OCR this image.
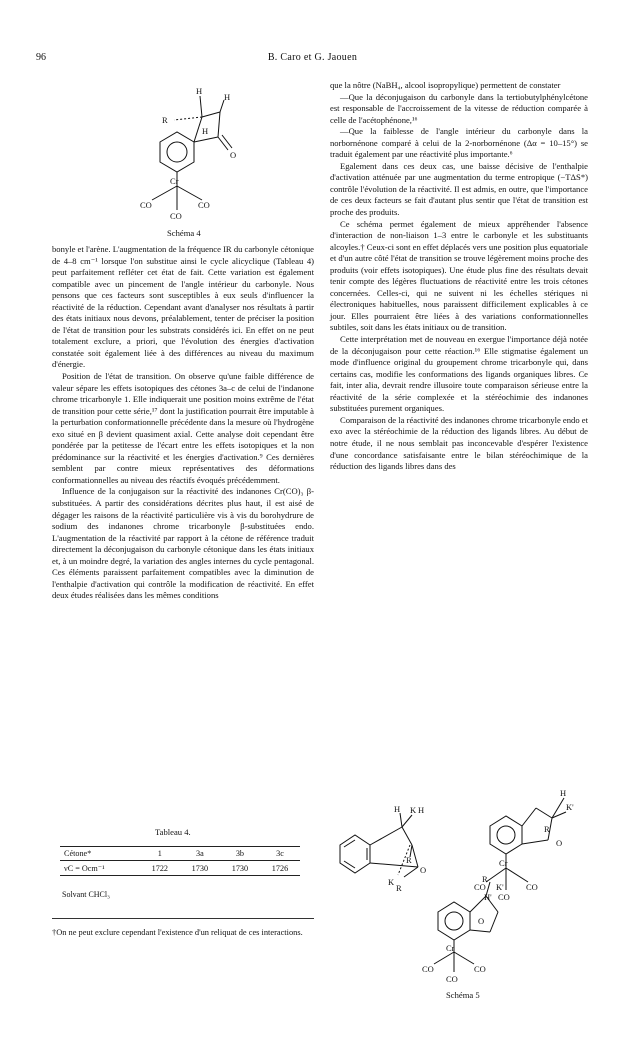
96	B. Caro et G. Jaouen
H
H
R
H
O
Cr
CO	CO
CO
Schéma 4

bonyle et l'arène. L'augmentation de la fréquence IR du carbonyle cétonique de 4–8 cm⁻¹ lorsque l'on substitue ainsi le cycle alicyclique (Tableau 4) peut parfaitement refléter cet état de fait. Cette variation est également compatible avec un pincement de l'angle intérieur du carbonyle. Nous pensons que ces facteurs sont susceptibles à eux seuls d'influencer la réactivité de la réduction. Cependant avant d'analyser nos résultats à partir des états initiaux nous devons, préalablement, tenter de préciser la position de l'état de transition pour les substrats considérés ici. En effet on ne peut totalement exclure, a priori, que l'évolution des énergies d'activation constatée soit également liée à des différences au niveau du maximum d'énergie.

Position de l'état de transition. On observe qu'une faible différence de valeur sépare les effets isotopiques des cétones 3a–c de celui de l'indanone chrome tricarbonyle 1. Elle indiquerait une position moins extrême de l'état de transition pour cette série,¹⁷ dont la justification pourrait être imputable à la perturbation conformationnelle précédente dans la mesure où l'hydrogène exo situé en β devient quasiment axial. Cette analyse doit cependant être pondérée par la petitesse de l'écart entre les effets isotopiques et la non prédominance sur la réactivité et les énergies d'activation.⁹ Ces dernières semblent par contre mieux représentatives des déformations conformationnelles au niveau des réactifs évoqués précédemment.

Influence de la conjugaison sur la réactivité des indanones Cr(CO)₃ β-substituées. A partir des considérations décrites plus haut, il est aisé de dégager les raisons de la réactivité particulière vis à vis du borohydrure de sodium des indanones chrome tricarbonyle β-substituées endo. L'augmentation de la réactivité par rapport à la cétone de référence traduit directement la déconjugaison du carbonyle cétonique dans les états initiaux et, à un moindre degré, la variation des angles internes du cycle pentagonal. Ces éléments paraissent parfaitement compatibles avec la diminution de l'enthalpie d'activation qui contrôle la modification de réactivité. En effet deux études réalisées dans les mêmes conditions

Tableau 4.
Cétone*	1	3a	3b	3c
νC = Ocm⁻¹	1722	1730	1730	1726
Solvant CHCl₃
†On ne peut exclure cependant l'existence d'un reliquat de ces interactions.

que la nôtre (NaBH₄, alcool isopropylique) permettent de constater

—Que la déconjugaison du carbonyle dans la tertiobutylphénylcétone est responsable de l'accroissement de la vitesse de réduction comparée à celle de l'acétophénone,¹⁶

—Que la faiblesse de l'angle intérieur du carbonyle dans la norbornénone comparé à celui de la 2-norbornénone (Δα = 10–15°) se traduit également par une réactivité plus importante.⁶

Egalement dans ces deux cas, une baisse décisive de l'enthalpie d'activation atténuée par une augmentation du terme entropique (−TΔS*) contrôle l'évolution de la réactivité. Il est admis, en outre, que l'importance de ces deux facteurs se fait d'autant plus sentir que l'état de transition est proche des produits.

Ce schéma permet également de mieux appréhender l'absence d'interaction de non-liaison 1–3 entre le carbonyle et les substituants alcoyles.† Ceux-ci sont en effet déplacés vers une position plus equatoriale et d'un autre côté l'état de transition se trouve légèrement moins proche des produits (voir effets isotopiques). Une étude plus fine des résultats devait tenir compte des légères fluctuations de réactivité entre les trois cétones concernées. Celles-ci, qui ne suivent ni les échelles stériques ni électroniques habituelles, nous paraissent difficilement explicables à ce jour. Elles pourraient être liées à des variations conformationnelles subtiles, soit dans les états initiaux ou de transition.

Cette interprétation met de nouveau en exergue l'importance déjà notée de la déconjugaison pour cette réaction.¹⁶ Elle stigmatise également un mode d'influence original du groupement chrome tricarbonyle qui, dans certains cas, modifie les conformations des ligands organiques libres. Ce fait, inter alia, devrait rendre illusoire toute comparaison sérieuse entre la réactivité de la série complexée et la stéréochimie des indanones substituées purement organiques.

Comparaison de la réactivité des indanones chrome tricarbonyle endo et exo avec la stéréochimie de la réduction des ligands libres. Au début de notre étude, il ne nous semblait pas inconcevable d'espérer l'existence d'une concordance satisfaisante entre le bilan stéréochimique de la réduction des ligands libres dans des

H K H
R
O
K
R
H
K'
R
O
Cr
CO	CO
CO
Cr
CO	CO
CO
O
R
K'
H'
Schéma 5
